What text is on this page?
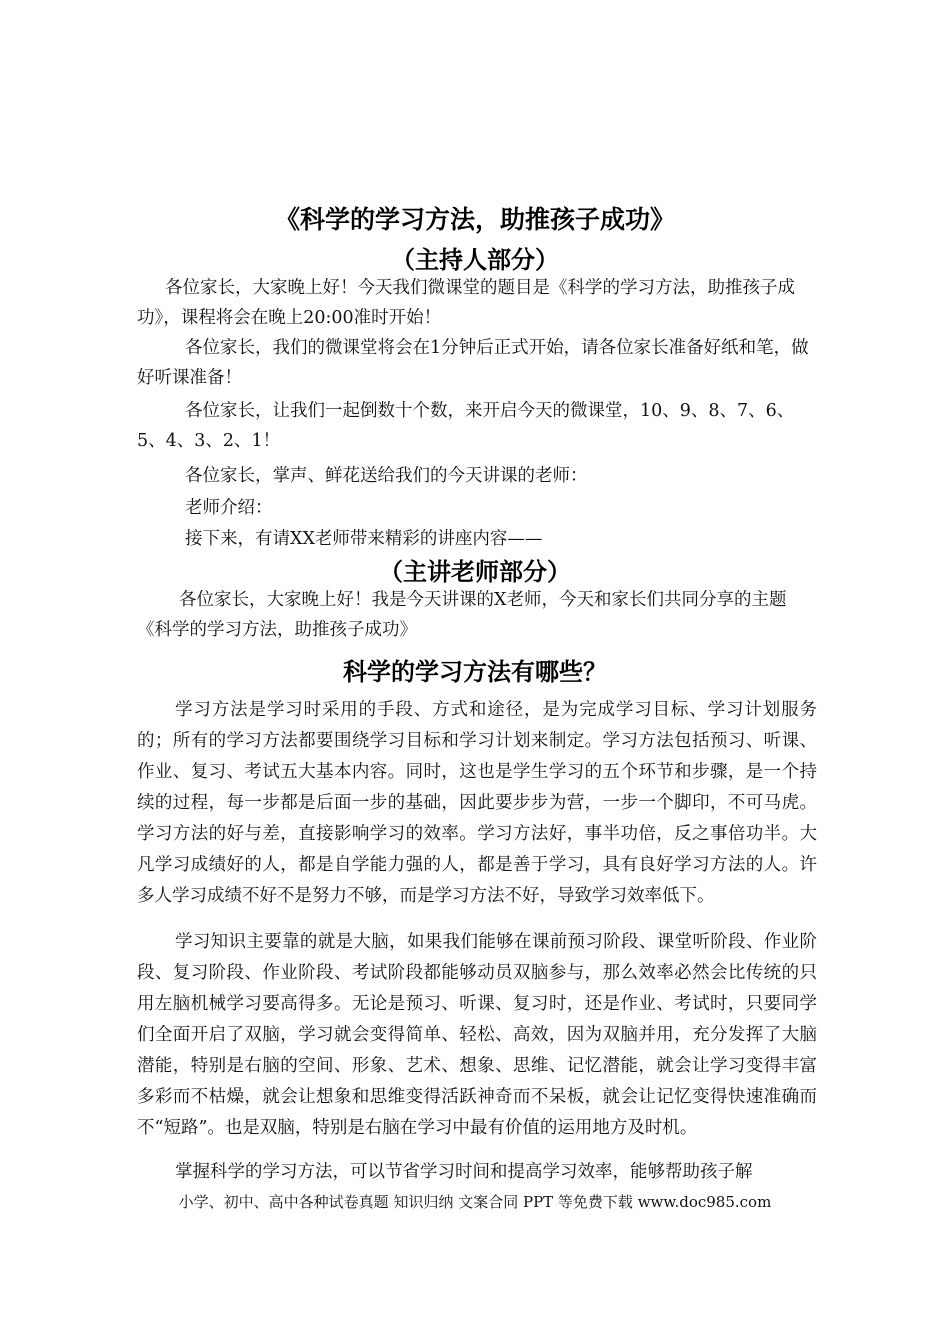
《科学的学习方法，助推孩子成功》
（主持人部分）

各位家长，大家晚上好！今天我们微课堂的题目是《科学的学习方法，助推孩子成功》，课程将会在晚上20:00准时开始！

各位家长，我们的微课堂将会在1分钟后正式开始，请各位家长准备好纸和笔，做好听课准备！

各位家长，让我们一起倒数十个数，来开启今天的微课堂，10、9、8、7、6、5、4、3、2、1！

各位家长，掌声、鲜花送给我们的今天讲课的老师：

老师介绍：

接下来，有请XX老师带来精彩的讲座内容——

（主讲老师部分）

各位家长，大家晚上好！我是今天讲课的X老师，今天和家长们共同分享的主题《科学的学习方法，助推孩子成功》

科学的学习方法有哪些？

学习方法是学习时采用的手段、方式和途径，是为完成学习目标、学习计划服务的；所有的学习方法都要围绕学习目标和学习计划来制定。学习方法包括预习、听课、作业、复习、考试五大基本内容。同时，这也是学生学习的五个环节和步骤，是一个持续的过程，每一步都是后面一步的基础，因此要步步为营，一步一个脚印，不可马虎。学习方法的好与差，直接影响学习的效率。学习方法好，事半功倍，反之事倍功半。大凡学习成绩好的人，都是自学能力强的人，都是善于学习，具有良好学习方法的人。许多人学习成绩不好不是努力不够，而是学习方法不好，导致学习效率低下。

学习知识主要靠的就是大脑，如果我们能够在课前预习阶段、课堂听阶段、作业阶段、复习阶段、作业阶段、考试阶段都能够动员双脑参与，那么效率必然会比传统的只用左脑机械学习要高得多。无论是预习、听课、复习时，还是作业、考试时，只要同学们全面开启了双脑，学习就会变得简单、轻松、高效，因为双脑并用，充分发挥了大脑潜能，特别是右脑的空间、形象、艺术、想象、思维、记忆潜能，就会让学习变得丰富多彩而不枯燥，就会让想象和思维变得活跃神奇而不呆板，就会让记忆变得快速准确而不“短路”。也是双脑，特别是右脑在学习中最有价值的运用地方及时机。

掌握科学的学习方法，可以节省学习时间和提高学习效率，能够帮助孩子解

小学、初中、高中各种试卷真题 知识归纳 文案合同 PPT 等免费下载 www.doc985.com
